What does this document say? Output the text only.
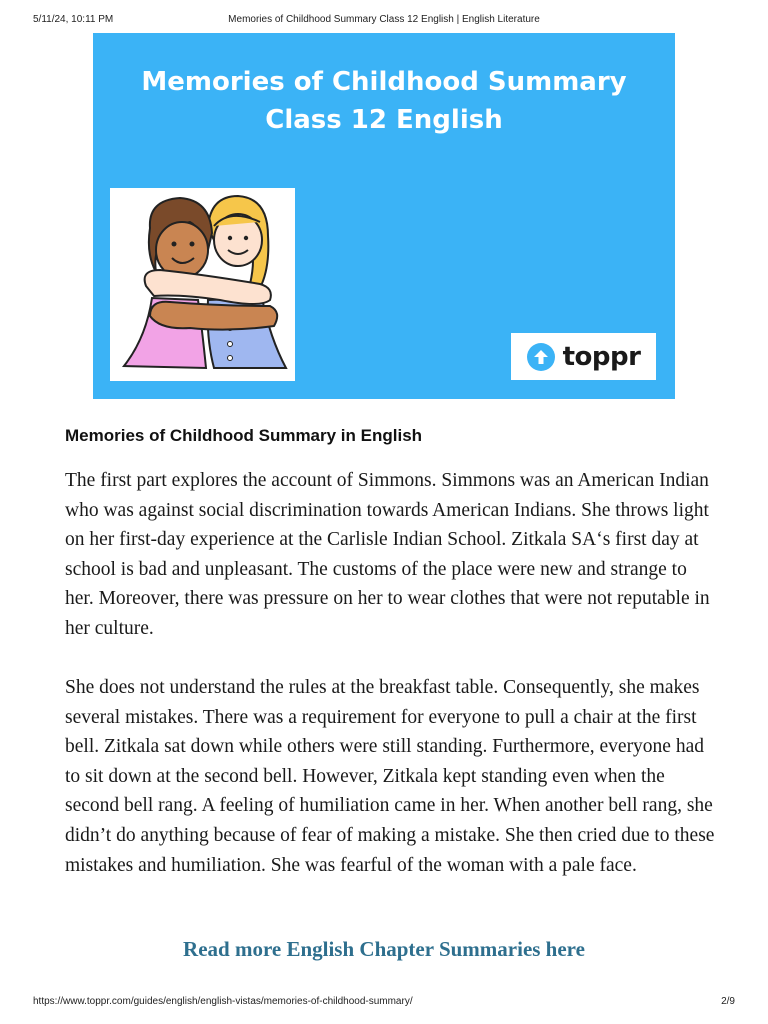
5/11/24, 10:11 PM	Memories of Childhood Summary Class 12 English | English Literature
Memories of Childhood Summary
Class 12 English
toppr
Memories of Childhood Summary in English

The first part explores the account of Simmons. Simmons was an American Indian who was against social discrimination towards American Indians. She throws light on her first-day experience at the Carlisle Indian School. Zitkala SA‘s first day at school is bad and unpleasant. The customs of the place were new and strange to her. Moreover, there was pressure on her to wear clothes that were not reputable in her culture.

She does not understand the rules at the breakfast table. Consequently, she makes several mistakes. There was a requirement for everyone to pull a chair at the first bell. Zitkala sat down while others were still standing. Furthermore, everyone had to sit down at the second bell. However, Zitkala kept standing even when the second bell rang. A feeling of humiliation came in her. When another bell rang, she didn’t do anything because of fear of making a mistake. She then cried due to these mistakes and humiliation. She was fearful of the woman with a pale face.

Read more English Chapter Summaries here
https://www.toppr.com/guides/english/english-vistas/memories-of-childhood-summary/	2/9
